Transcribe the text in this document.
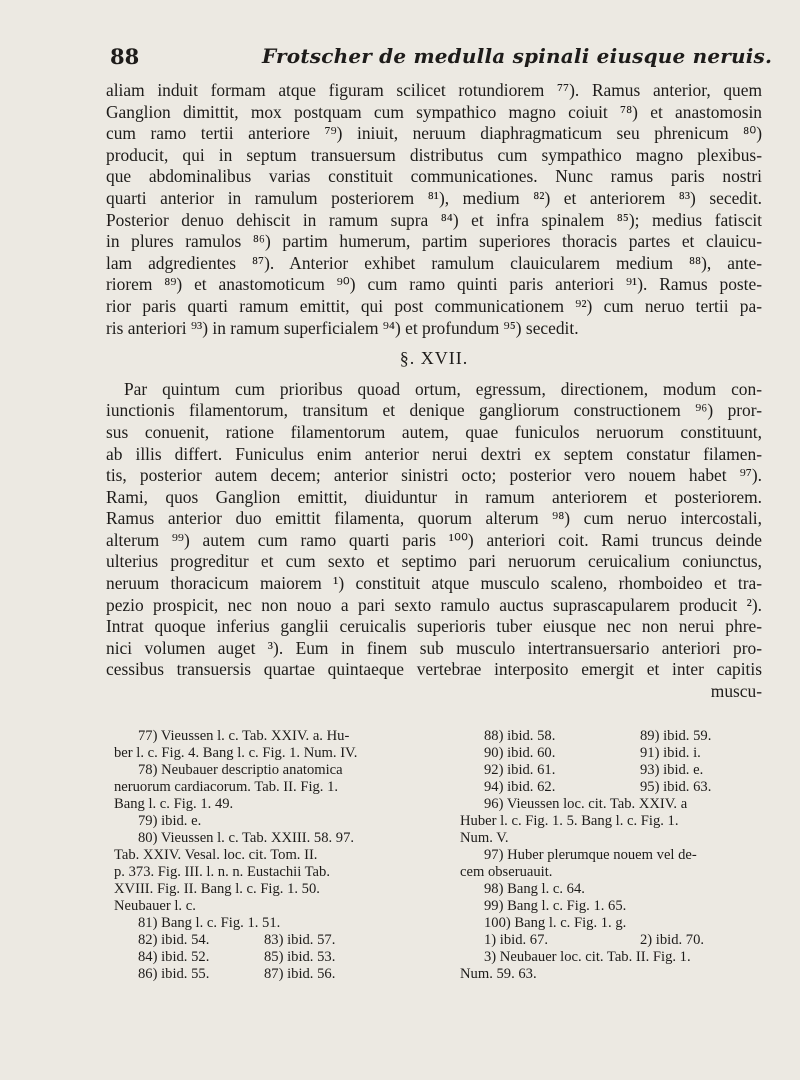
88	Frotscher de medulla spinali eiusque neruis.
aliam induit formam atque figuram scilicet rotundiorem ⁷⁷). Ramus anterior, quem
Ganglion dimittit, mox postquam cum sympathico magno coiuit ⁷⁸) et anastomosin
cum ramo tertii anteriore ⁷⁹) iniuit, neruum diaphragmaticum seu phrenicum ⁸⁰)
producit, qui in septum transuersum distributus cum sympathico magno plexibus-
que abdominalibus varias constituit communicationes. Nunc ramus paris nostri
quarti anterior in ramulum posteriorem ⁸¹), medium ⁸²) et anteriorem ⁸³) secedit.
Posterior denuo dehiscit in ramum supra ⁸⁴) et infra spinalem ⁸⁵); medius fatiscit
in plures ramulos ⁸⁶) partim humerum, partim superiores thoracis partes et clauicu-
lam adgredientes ⁸⁷). Anterior exhibet ramulum clauicularem medium ⁸⁸), ante-
riorem ⁸⁹) et anastomoticum ⁹⁰) cum ramo quinti paris anteriori ⁹¹). Ramus poste-
rior paris quarti ramum emittit, qui post communicationem ⁹²) cum neruo tertii pa-
ris anteriori ⁹³) in ramum superficialem ⁹⁴) et profundum ⁹⁵) secedit.
§. XVII.
Par quintum cum prioribus quoad ortum, egressum, directionem, modum con-
iunctionis filamentorum, transitum et denique gangliorum constructionem ⁹⁶) pror-
sus conuenit, ratione filamentorum autem, quae funiculos neruorum constituunt,
ab illis differt. Funiculus enim anterior nerui dextri ex septem constatur filamen-
tis, posterior autem decem; anterior sinistri octo; posterior vero nouem habet ⁹⁷).
Rami, quos Ganglion emittit, diuiduntur in ramum anteriorem et posteriorem.
Ramus anterior duo emittit filamenta, quorum alterum ⁹⁸) cum neruo intercostali,
alterum ⁹⁹) autem cum ramo quarti paris ¹⁰⁰) anteriori coit. Rami truncus deinde
ulterius progreditur et cum sexto et septimo pari neruorum ceruicalium coniunctus,
neruum thoracicum maiorem ¹) constituit atque musculo scaleno, rhomboideo et tra-
pezio prospicit, nec non nouo a pari sexto ramulo auctus suprascapularem producit ²).
Intrat quoque inferius ganglii ceruicalis superioris tuber eiusque nec non nerui phre-
nici volumen auget ³). Eum in finem sub musculo intertransuersario anteriori pro-
cessibus transuersis quartae quintaeque vertebrae interposito emergit et inter capitis
muscu-
77) Vieussen l. c. Tab. XXIV. a. Hu-
ber l. c. Fig. 4. Bang l. c. Fig. 1. Num. IV.
78) Neubauer descriptio anatomica
neruorum cardiacorum. Tab. II. Fig. 1.
Bang l. c. Fig. 1. 49.
79) ibid. e.
80) Vieussen l. c. Tab. XXIII. 58. 97.
Tab. XXIV. Vesal. loc. cit. Tom. II.
p. 373. Fig. III. l. n. n. Eustachii Tab.
XVIII. Fig. II. Bang l. c. Fig. 1. 50.
Neubauer l. c.
81) Bang l. c. Fig. 1. 51.
82) ibid. 54.	83) ibid. 57.
84) ibid. 52.	85) ibid. 53.
86) ibid. 55.	87) ibid. 56.
88) ibid. 58.	89) ibid. 59.
90) ibid. 60.	91) ibid. i.
92) ibid. 61.	93) ibid. e.
94) ibid. 62.	95) ibid. 63.
96) Vieussen loc. cit. Tab. XXIV. a
Huber l. c. Fig. 1. 5. Bang l. c. Fig. 1.
Num. V.
97) Huber plerumque nouem vel de-
cem obseruauit.
98) Bang l. c. 64.
99) Bang l. c. Fig. 1. 65.
100) Bang l. c. Fig. 1. g.
1) ibid. 67.	2) ibid. 70.
3) Neubauer loc. cit. Tab. II. Fig. 1.
Num. 59. 63.
